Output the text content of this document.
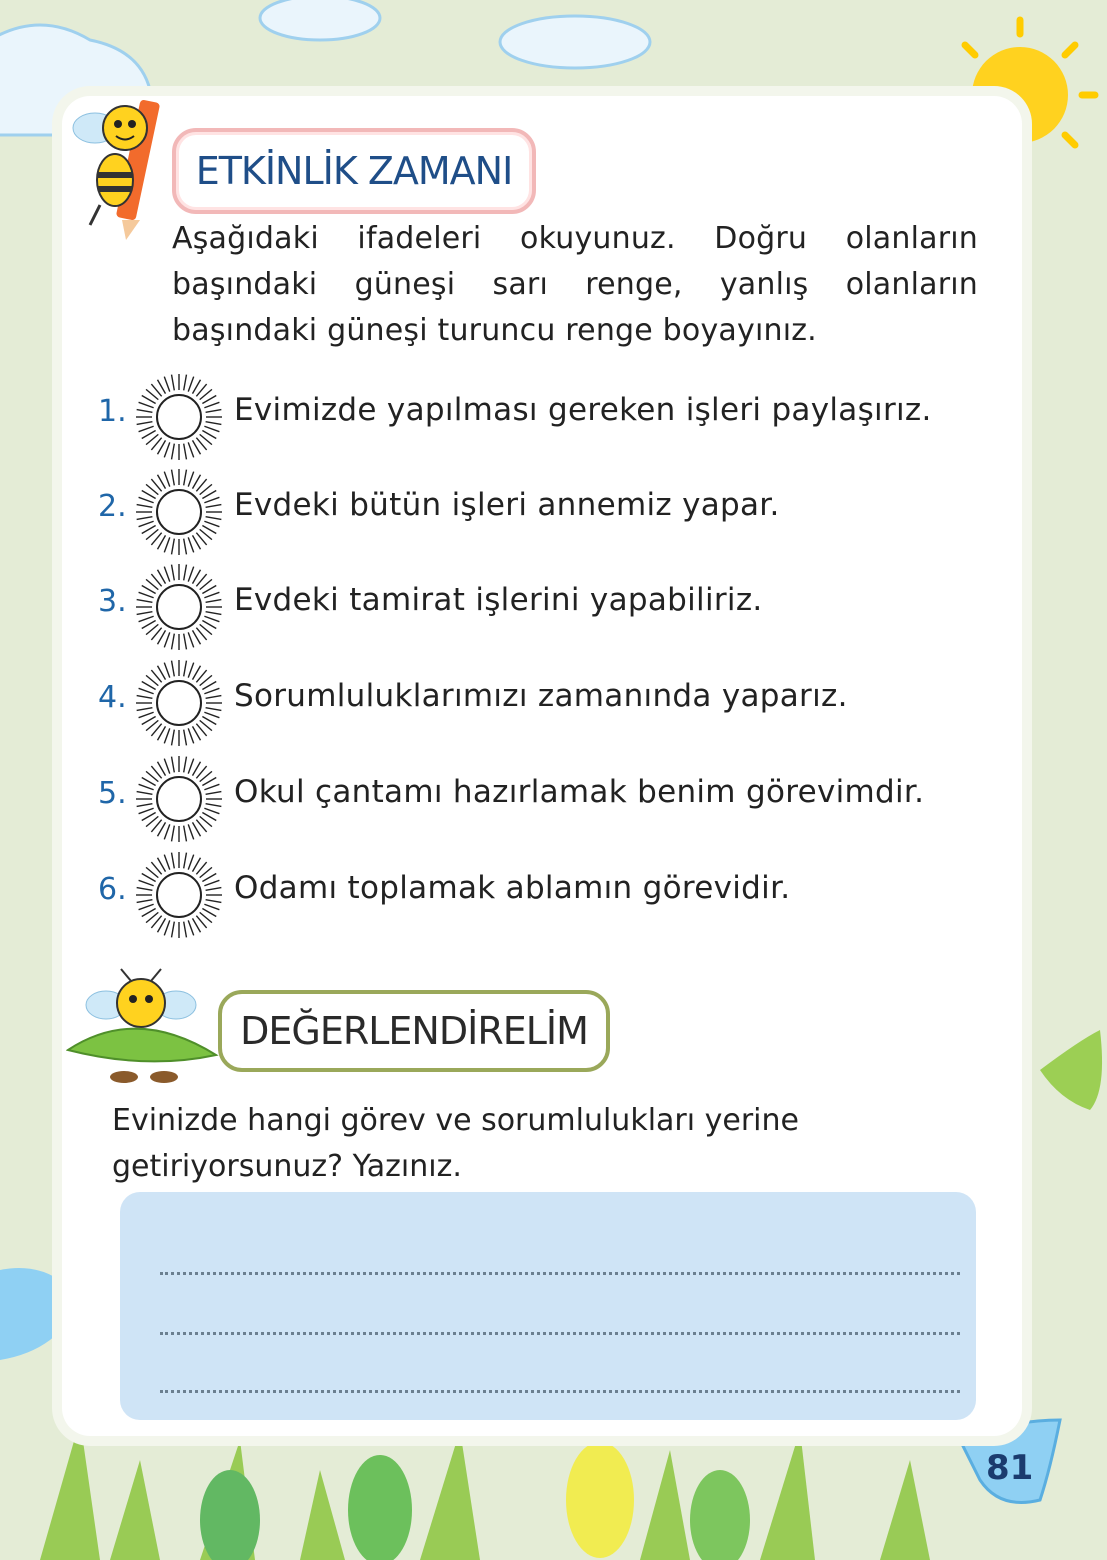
ETKİNLİK ZAMANI
Aşağıdaki ifadeleri okuyunuz. Doğru olanların başındaki güneşi sarı renge, yanlış olanların başındaki güneşi turuncu renge boyayınız.
1.	Evimizde yapılması gereken işleri paylaşırız.
2.	Evdeki bütün işleri annemiz yapar.
3.	Evdeki tamirat işlerini yapabiliriz.
4.	Sorumluluklarımızı zamanında yaparız.
5.	Okul çantamı hazırlamak benim görevimdir.
6.	Odamı toplamak ablamın görevidir.
DEĞERLENDİRELİM
Evinizde hangi görev ve sorumlulukları yerine getiriyorsunuz? Yazınız.
81
